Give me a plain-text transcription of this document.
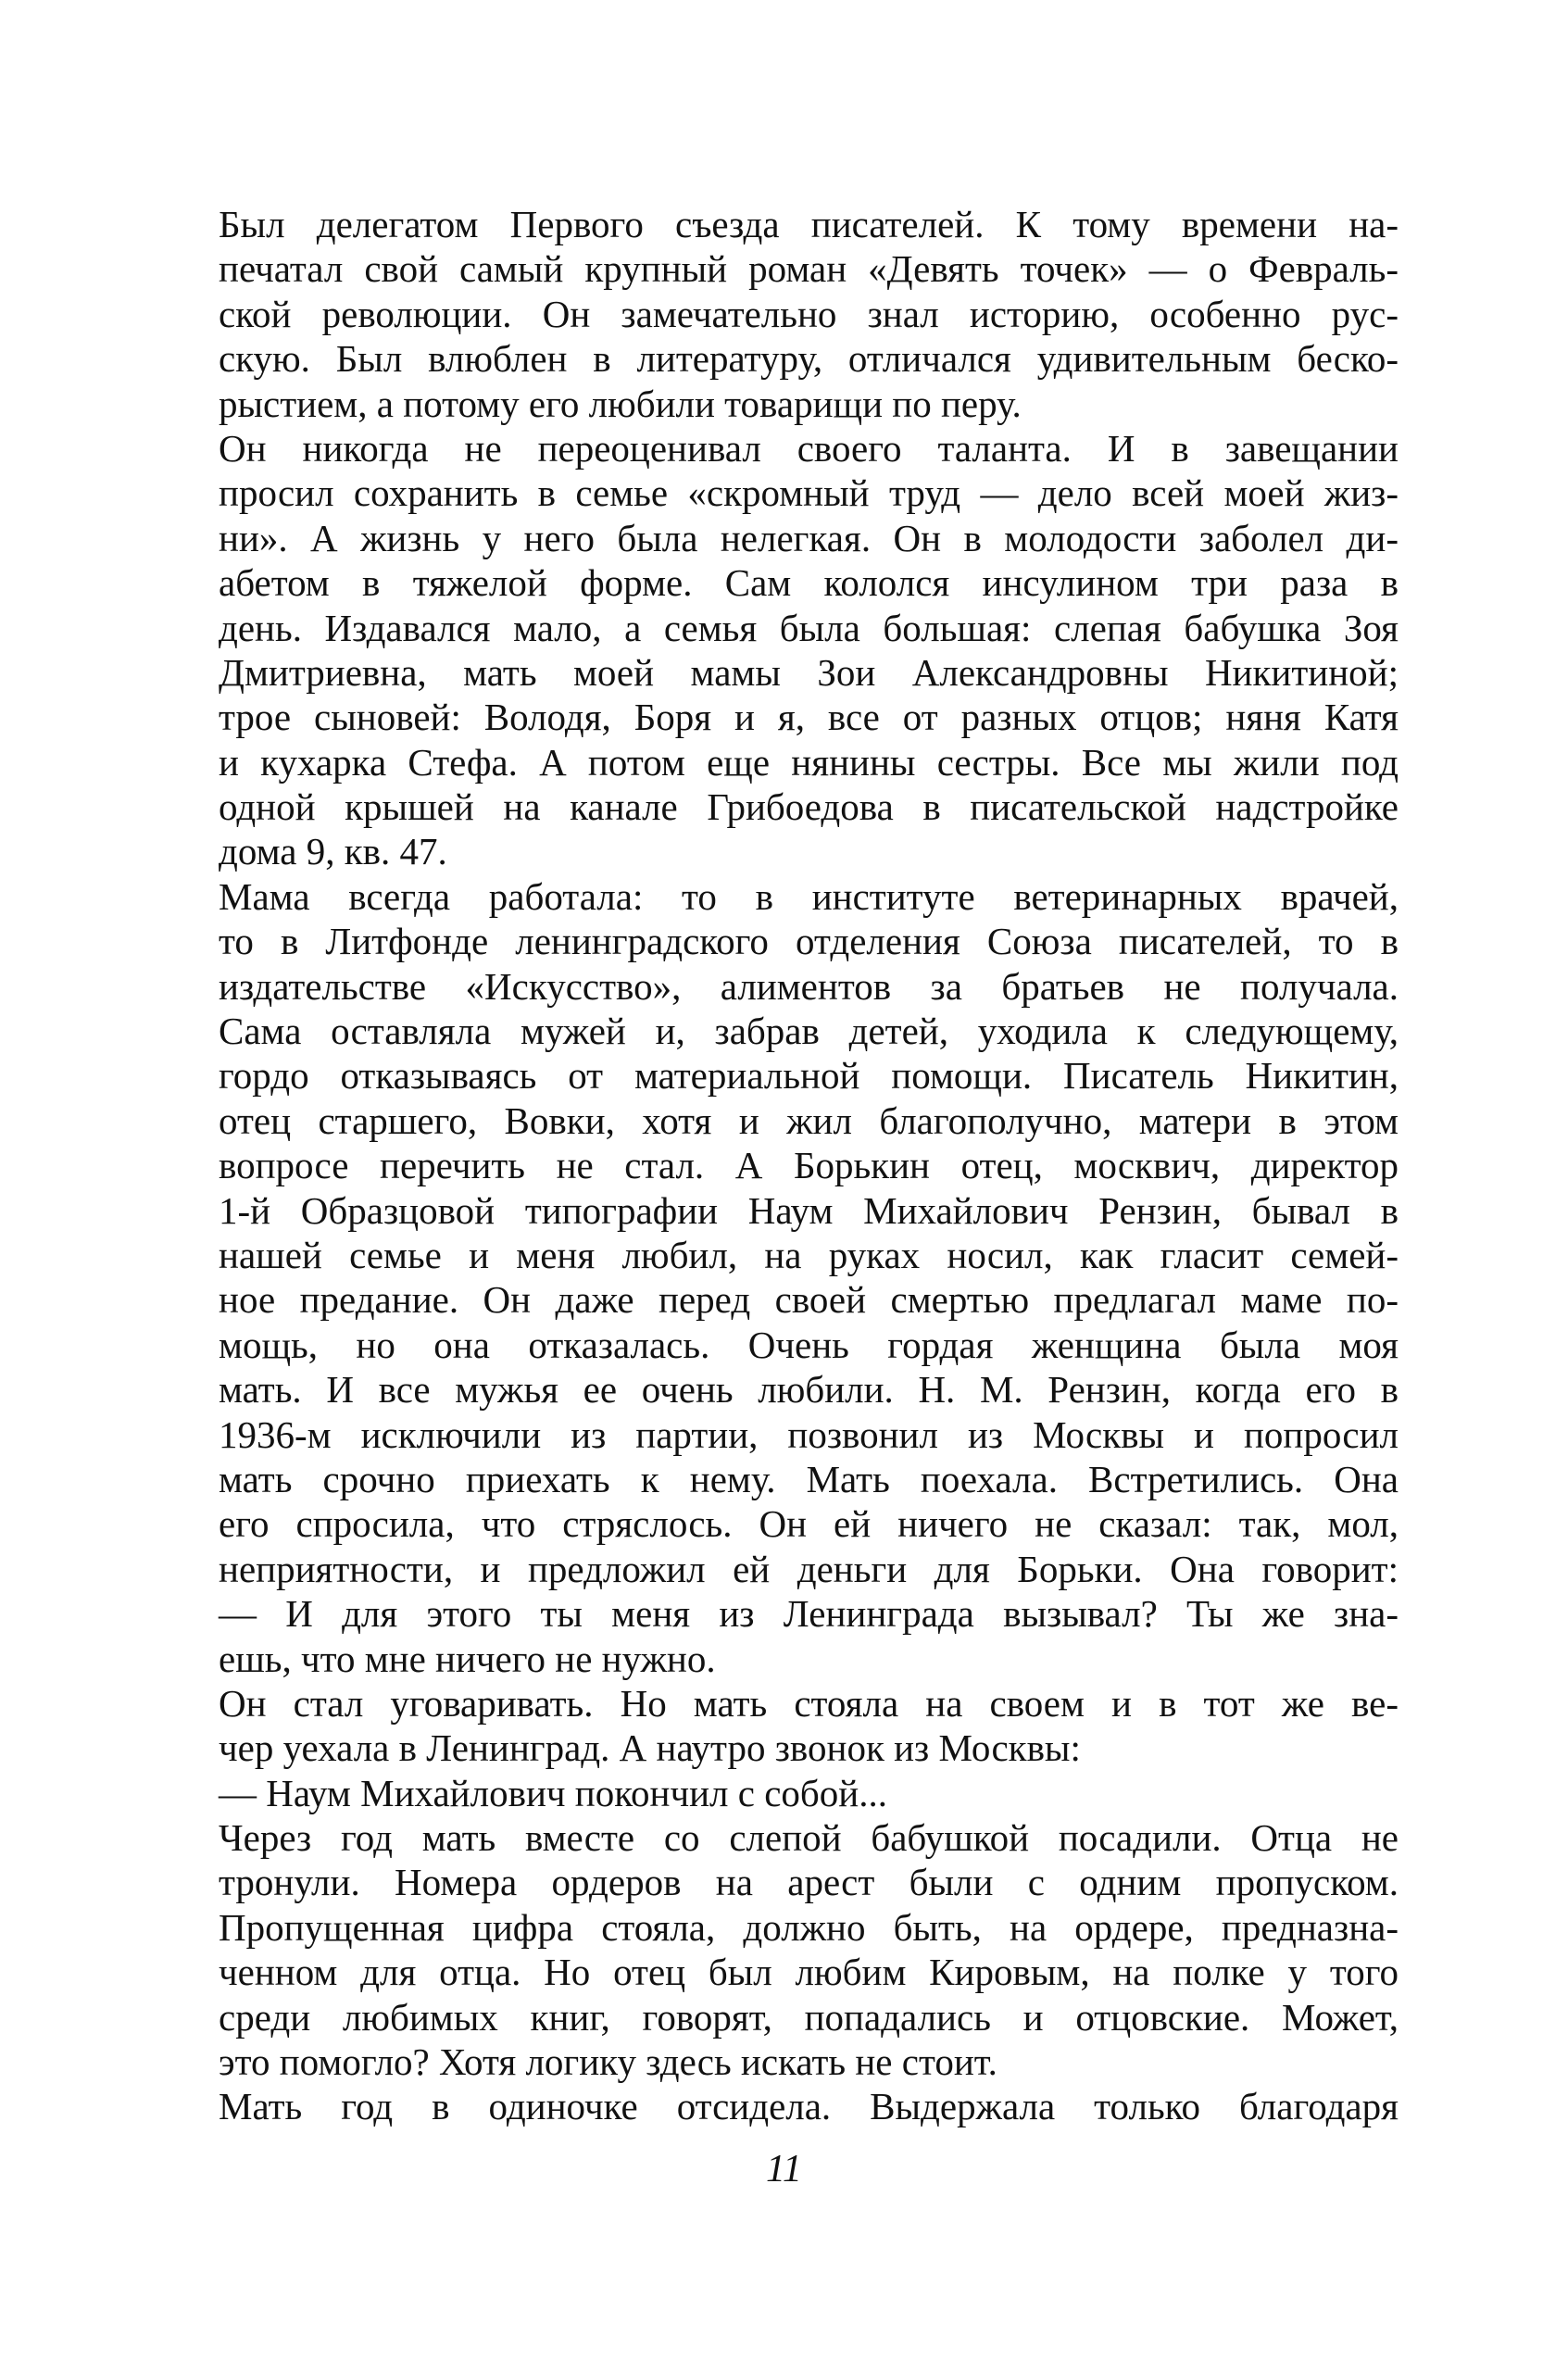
Был делегатом Первого съезда писателей. К тому времени на-
печатал свой самый крупный роман «Девять точек» — о Февраль-
ской революции. Он замечательно знал историю, особенно рус-
скую. Был влюблен в литературу, отличался удивительным беско-
рыстием, а потому его любили товарищи по перу.
Он никогда не переоценивал своего таланта. И в завещании
просил сохранить в семье «скромный труд — дело всей моей жиз-
ни». А жизнь у него была нелегкая. Он в молодости заболел ди-
абетом в тяжелой форме. Сам кололся инсулином три раза в
день. Издавался мало, а семья была большая: слепая бабушка Зоя
Дмитриевна, мать моей мамы Зои Александровны Никитиной;
трое сыновей: Володя, Боря и я, все от разных отцов; няня Катя
и кухарка Стефа. А потом еще нянины сестры. Все мы жили под
одной крышей на канале Грибоедова в писательской надстройке
дома 9, кв. 47.
Мама всегда работала: то в институте ветеринарных врачей,
то в Литфонде ленинградского отделения Союза писателей, то в
издательстве «Искусство», алиментов за братьев не получала.
Сама оставляла мужей и, забрав детей, уходила к следующему,
гордо отказываясь от материальной помощи. Писатель Никитин,
отец старшего, Вовки, хотя и жил благополучно, матери в этом
вопросе перечить не стал. А Борькин отец, москвич, директор
1-й Образцовой типографии Наум Михайлович Рензин, бывал в
нашей семье и меня любил, на руках носил, как гласит семей-
ное предание. Он даже перед своей смертью предлагал маме по-
мощь, но она отказалась. Очень гордая женщина была моя
мать. И все мужья ее очень любили. Н. М. Рензин, когда его в
1936-м исключили из партии, позвонил из Москвы и попросил
мать срочно приехать к нему. Мать поехала. Встретились. Она
его спросила, что стряслось. Он ей ничего не сказал: так, мол,
неприятности, и предложил ей деньги для Борьки. Она говорит:
— И для этого ты меня из Ленинграда вызывал? Ты же зна-
ешь, что мне ничего не нужно.
Он стал уговаривать. Но мать стояла на своем и в тот же ве-
чер уехала в Ленинград. А наутро звонок из Москвы:
— Наум Михайлович покончил с собой...
Через год мать вместе со слепой бабушкой посадили. Отца не
тронули. Номера ордеров на арест были с одним пропуском.
Пропущенная цифра стояла, должно быть, на ордере, предназна-
ченном для отца. Но отец был любим Кировым, на полке у того
среди любимых книг, говорят, попадались и отцовские. Может,
это помогло? Хотя логику здесь искать не стоит.
Мать год в одиночке отсидела. Выдержала только благодаря
11
